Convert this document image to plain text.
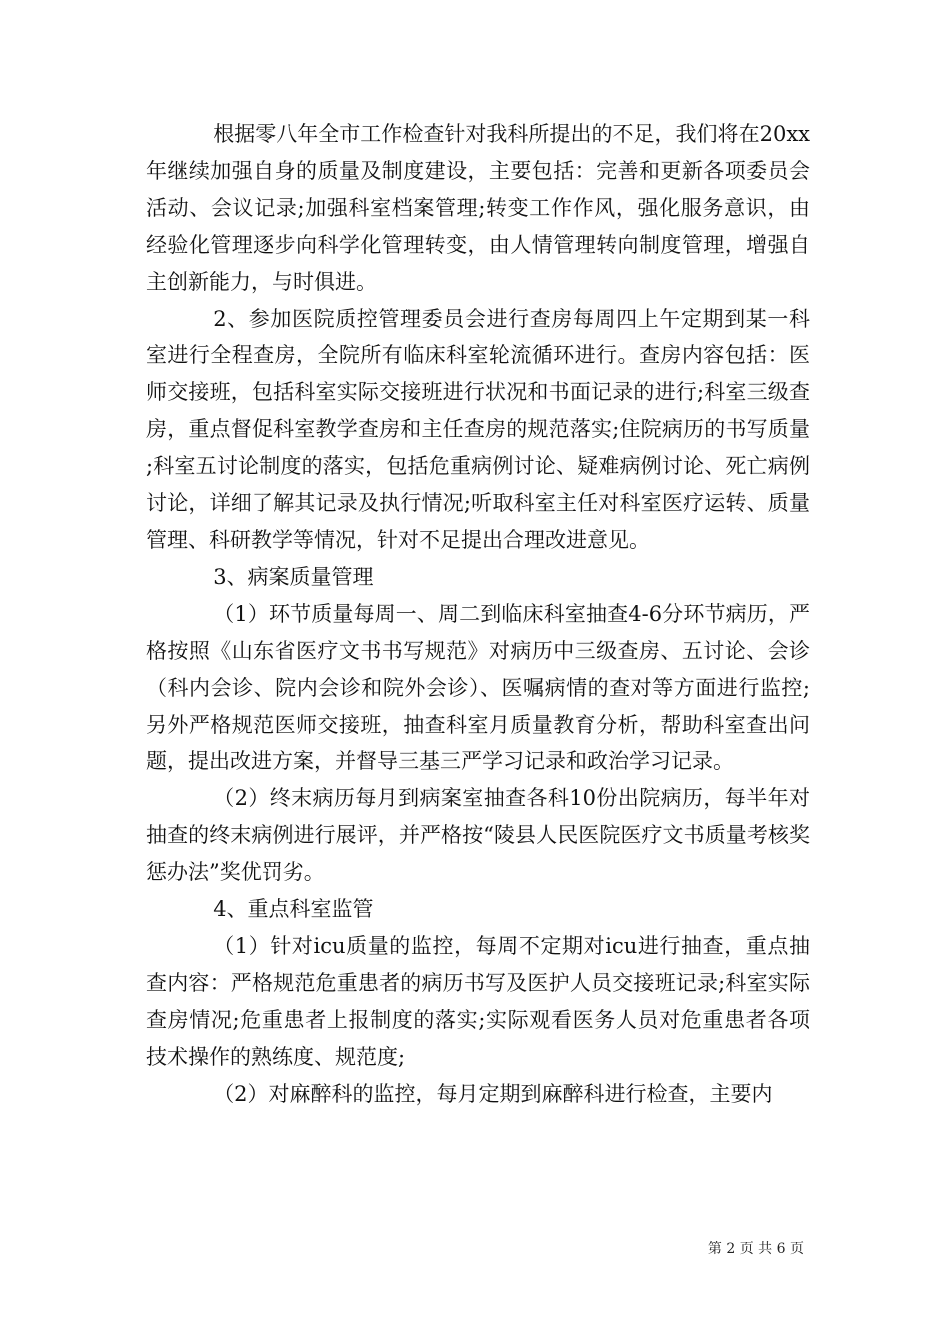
根据零八年全市工作检查针对我科所提出的不足，我们将在20xx年继续加强自身的质量及制度建设，主要包括：完善和更新各项委员会活动、会议记录;加强科室档案管理;转变工作作风，强化服务意识，由经验化管理逐步向科学化管理转变，由人情管理转向制度管理，增强自主创新能力，与时俱进。

2、参加医院质控管理委员会进行查房每周四上午定期到某一科室进行全程查房，全院所有临床科室轮流循环进行。查房内容包括：医师交接班，包括科室实际交接班进行状况和书面记录的进行;科室三级查房，重点督促科室教学查房和主任查房的规范落实;住院病历的书写质量;科室五讨论制度的落实，包括危重病例讨论、疑难病例讨论、死亡病例讨论，详细了解其记录及执行情况;听取科室主任对科室医疗运转、质量管理、科研教学等情况，针对不足提出合理改进意见。

3、病案质量管理

（1）环节质量每周一、周二到临床科室抽查4-6分环节病历，严格按照《山东省医疗文书书写规范》对病历中三级查房、五讨论、会诊（科内会诊、院内会诊和院外会诊）、医嘱病情的查对等方面进行监控;另外严格规范医师交接班，抽查科室月质量教育分析，帮助科室查出问题，提出改进方案，并督导三基三严学习记录和政治学习记录。

（2）终末病历每月到病案室抽查各科10份出院病历，每半年对抽查的终末病例进行展评，并严格按“陵县人民医院医疗文书质量考核奖惩办法”奖优罚劣。

4、重点科室监管

（1）针对icu质量的监控，每周不定期对icu进行抽查，重点抽查内容：严格规范危重患者的病历书写及医护人员交接班记录;科室实际查房情况;危重患者上报制度的落实;实际观看医务人员对危重患者各项技术操作的熟练度、规范度;

（2）对麻醉科的监控，每月定期到麻醉科进行检查，主要内

第 2 页 共 6 页
